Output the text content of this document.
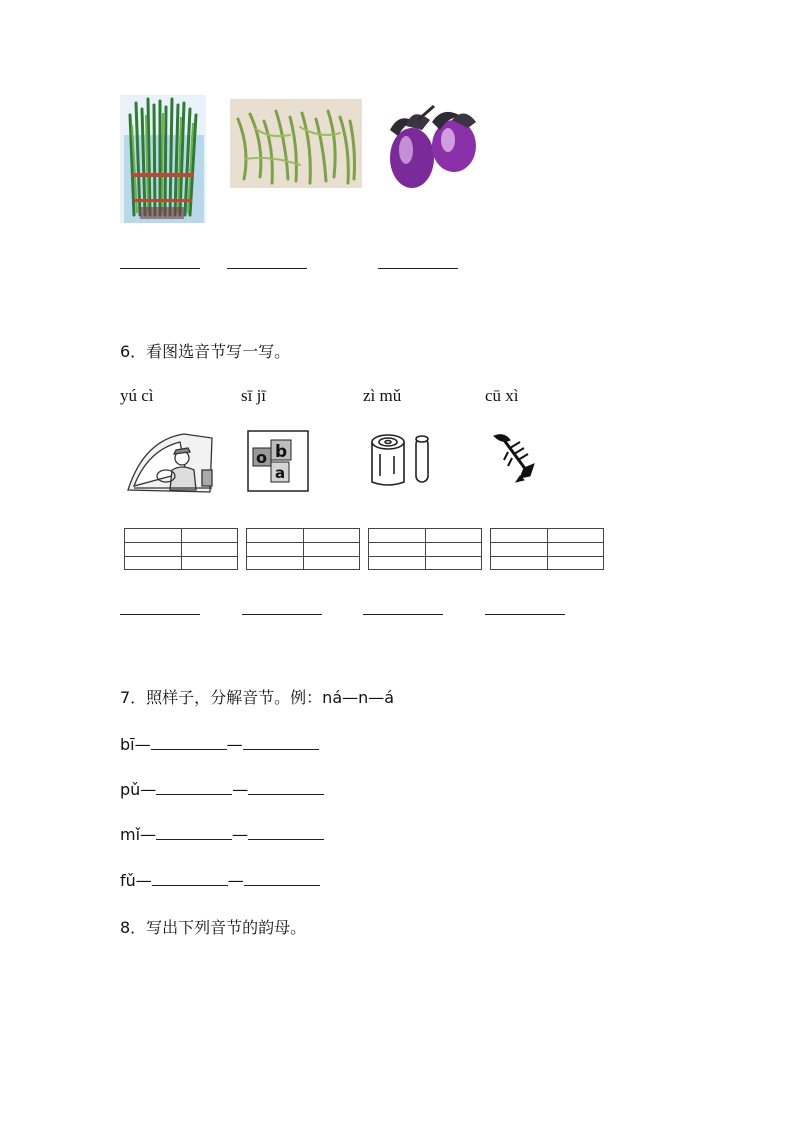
6．看图选音节写一写。
yú cì	sī jī	zì mǔ	cū xì
o b
a
7．照样子，分解音节。例：ná—n—á
bī—	—
pǔ—	—
mǐ—	—
fǔ—	—
8．写出下列音节的韵母。
